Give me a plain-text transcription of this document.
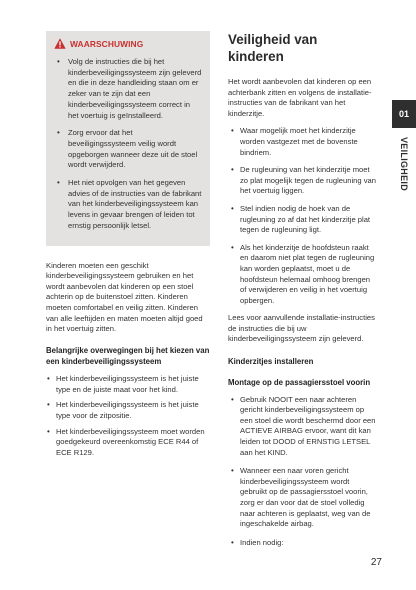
WAARSCHUWING
• Volg de instructies die bij het kinderbeveiligingssysteem zijn geleverd en die in deze handleiding staan om er zeker van te zijn dat een kinderbeveiligingssysteem correct in het voertuig is geïnstalleerd.
• Zorg ervoor dat het beveiligingssysteem veilig wordt opgeborgen wanneer deze uit de stoel wordt verwijderd.
• Het niet opvolgen van het gegeven advies of de instructies van de fabrikant van het kinderbeveiligingssysteem kan levens in gevaar brengen of leiden tot ernstig persoonlijk letsel.

Kinderen moeten een geschikt kinderbeveiligingssysteem gebruiken en het wordt aanbevolen dat kinderen op een stoel achterin op de buitenstoel zitten. Kinderen moeten comfortabel en veilig zitten. Kinderen van alle leeftijden en maten moeten altijd goed in het voertuig zitten.

Belangrijke overwegingen bij het kiezen van een kinderbeveiligingssysteem

• Het kinderbeveiligingssysteem is het juiste type en de juiste maat voor het kind.
• Het kinderbeveiligingssysteem is het juiste type voor de zitpositie.
• Het kinderbeveiligingssysteem moet worden goedgekeurd overeenkomstig ECE R44 of ECE R129.
Veiligheid van kinderen

Het wordt aanbevolen dat kinderen op een achterbank zitten en volgens de installatie-instructies van de fabrikant van het kinderzitje.

• Waar mogelijk moet het kinderzitje worden vastgezet met de bovenste bindriem.
• De rugleuning van het kinderzitje moet zo plat mogelijk tegen de rugleuning van het voertuig liggen.
• Stel indien nodig de hoek van de rugleuning zo af dat het kinderzitje plat tegen de rugleuning ligt.
• Als het kinderzitje de hoofdsteun raakt en daarom niet plat tegen de rugleuning kan worden geplaatst, moet u de hoofdsteun helemaal omhoog brengen of verwijderen en veilig in het voertuig opbergen.

Lees voor aanvullende installatie-instructies de instructies die bij uw kinderbeveiligingssysteem zijn geleverd.

Kinderzitjes installeren

Montage op de passagiersstoel voorin

• Gebruik NOOIT een naar achteren gericht kinderbeveiligingssysteem op een stoel die wordt beschermd door een ACTIEVE AIRBAG ervoor, want dit kan leiden tot DOOD of ERNSTIG LETSEL aan het KIND.
• Wanneer een naar voren gericht kinderbeveiligingssysteem wordt gebruikt op de passagiersstoel voorin, zorg er dan voor dat de stoel volledig naar achteren is geplaatst, weg van de ingeschakelde airbag.
• Indien nodig:
01
VEILIGHEID
27
